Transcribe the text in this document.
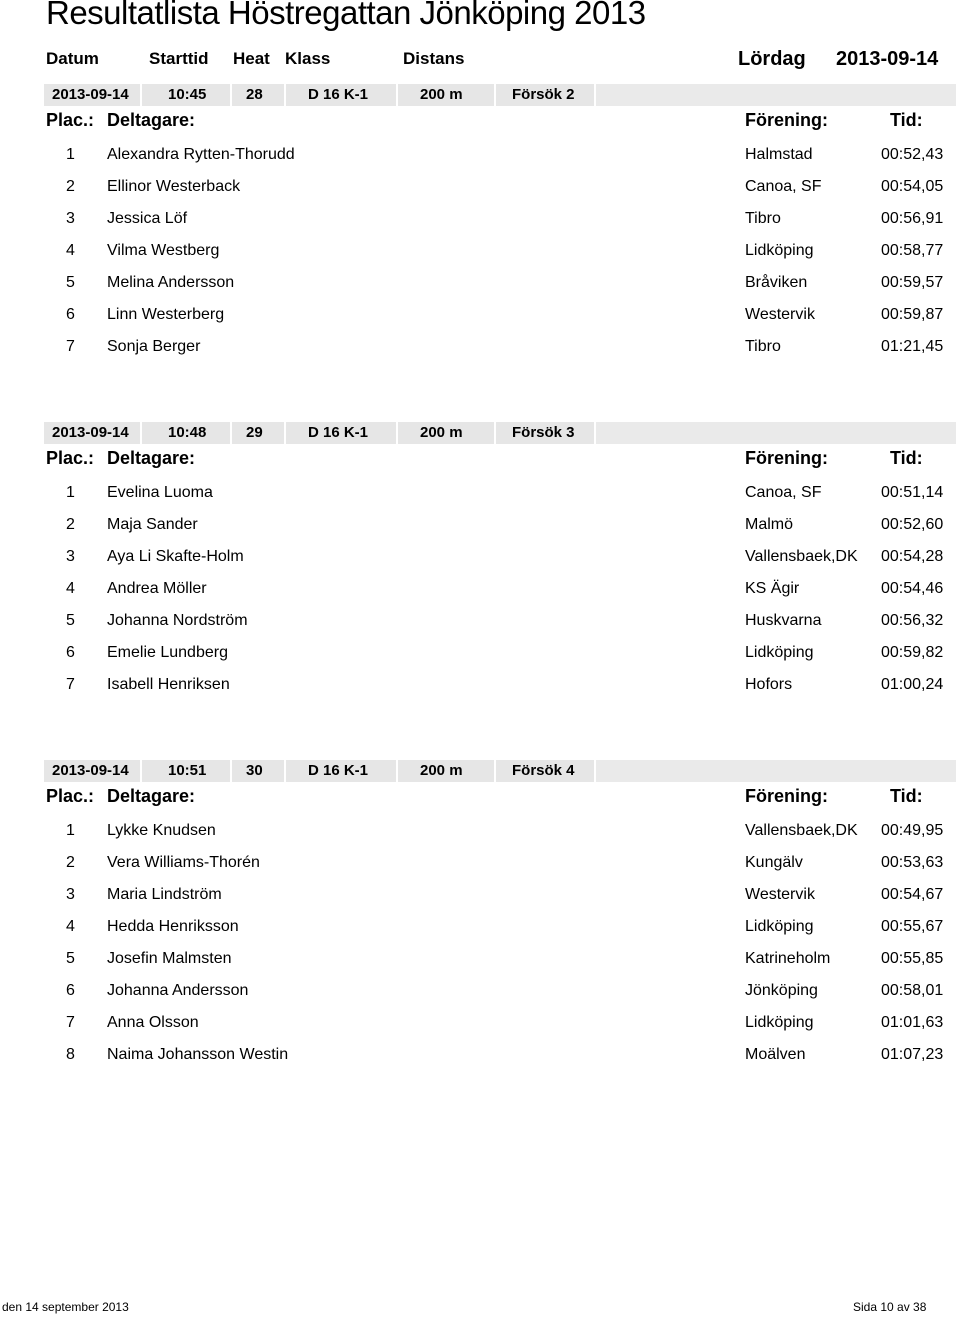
Resultatlista Höstregattan Jönköping 2013
Datum	Starttid Heat Klass	Distans	Lördag 2013-09-14
2013-09-14	10:45	28	D 16 K-1	200 m	Försök 2
Plac.: Deltagare:	Förening:	Tid:
1 Alexandra Rytten-Thorudd	Halmstad	00:52,43
2 Ellinor Westerback	Canoa, SF	00:54,05
3 Jessica Löf	Tibro	00:56,91
4 Vilma Westberg	Lidköping	00:58,77
5 Melina Andersson	Bråviken	00:59,57
6 Linn Westerberg	Westervik	00:59,87
7 Sonja Berger	Tibro	01:21,45
2013-09-14	10:48	29	D 16 K-1	200 m	Försök 3
Plac.: Deltagare:	Förening:	Tid:
1 Evelina Luoma	Canoa, SF	00:51,14
2 Maja Sander	Malmö	00:52,60
3 Aya Li Skafte-Holm	Vallensbaek,DK 00:54,28
4 Andrea Möller	KS Ägir	00:54,46
5 Johanna Nordström	Huskvarna	00:56,32
6 Emelie Lundberg	Lidköping	00:59,82
7 Isabell Henriksen	Hofors	01:00,24
2013-09-14	10:51	30	D 16 K-1	200 m	Försök 4
Plac.: Deltagare:	Förening:	Tid:
1 Lykke Knudsen	Vallensbaek,DK 00:49,95
2 Vera Williams-Thorén	Kungälv	00:53,63
3 Maria Lindström	Westervik	00:54,67
4 Hedda Henriksson	Lidköping	00:55,67
5 Josefin Malmsten	Katrineholm	00:55,85
6 Johanna Andersson	Jönköping	00:58,01
7 Anna Olsson	Lidköping	01:01,63
8 Naima Johansson Westin	Moälven	01:07,23
den 14 september 2013	Sida 10 av 38
